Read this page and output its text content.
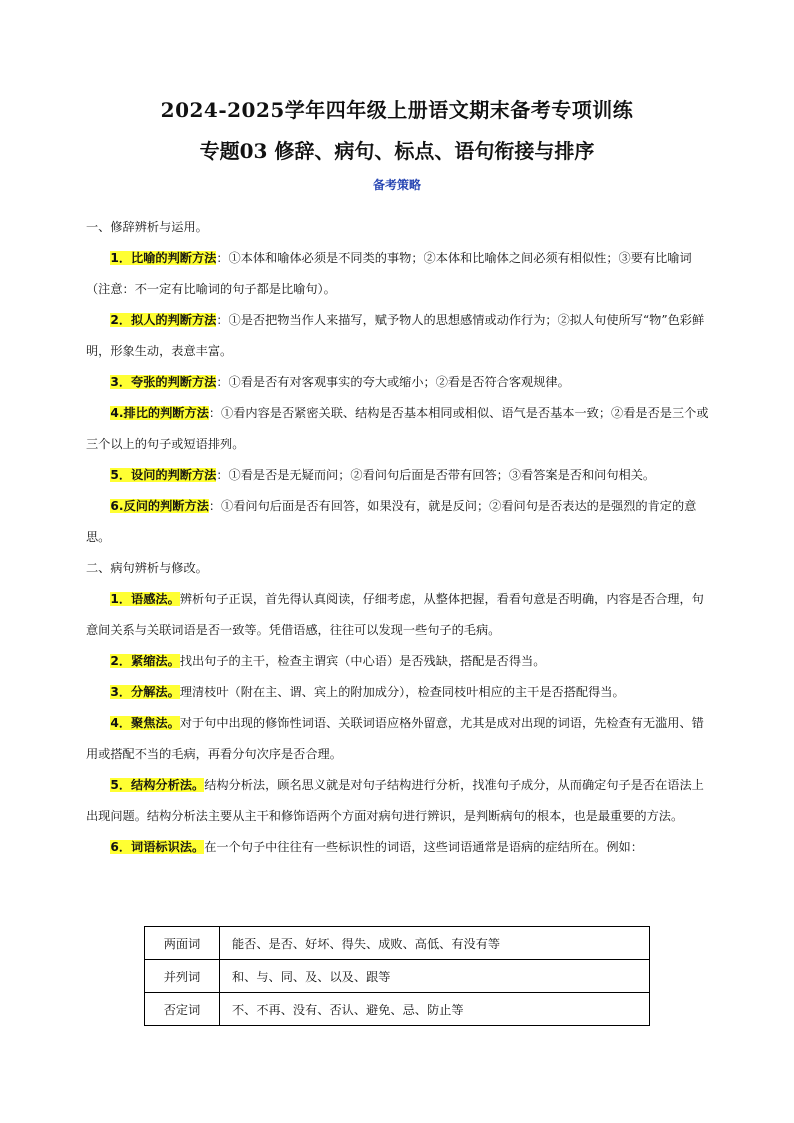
2024-2025学年四年级上册语文期末备考专项训练
专题03 修辞、病句、标点、语句衔接与排序
备考策略

一、修辞辨析与运用。

1．比喻的判断方法：①本体和喻体必须是不同类的事物；②本体和比喻体之间必须有相似性；③要有比喻词（注意：不一定有比喻词的句子都是比喻句）。

2．拟人的判断方法：①是否把物当作人来描写，赋予物人的思想感情或动作行为；②拟人句使所写“物”色彩鲜明，形象生动，表意丰富。

3．夸张的判断方法：①看是否有对客观事实的夸大或缩小；②看是否符合客观规律。

4.排比的判断方法：①看内容是否紧密关联、结构是否基本相同或相似、语气是否基本一致；②看是否是三个或三个以上的句子或短语排列。

5．设问的判断方法：①看是否是无疑而问；②看问句后面是否带有回答；③看答案是否和问句相关。

6.反问的判断方法：①看问句后面是否有回答，如果没有，就是反问；②看问句是否表达的是强烈的肯定的意思。

二、病句辨析与修改。

1．语感法。辨析句子正误，首先得认真阅读，仔细考虑，从整体把握，看看句意是否明确，内容是否合理，句意间关系与关联词语是否一致等。凭借语感，往往可以发现一些句子的毛病。

2．紧缩法。找出句子的主干，检查主谓宾（中心语）是否残缺，搭配是否得当。

3．分解法。理清枝叶（附在主、谓、宾上的附加成分），检查同枝叶相应的主干是否搭配得当。

4．聚焦法。对于句中出现的修饰性词语、关联词语应格外留意，尤其是成对出现的词语，先检查有无滥用、错用或搭配不当的毛病，再看分句次序是否合理。

5．结构分析法。结构分析法，顾名思义就是对句子结构进行分析，找准句子成分，从而确定句子是否在语法上出现问题。结构分析法主要从主干和修饰语两个方面对病句进行辨识，是判断病句的根本，也是最重要的方法。

6．词语标识法。在一个句子中往往有一些标识性的词语，这些词语通常是语病的症结所在。例如：

两面词	能否、是否、好坏、得失、成败、高低、有没有等
并列词	和、与、同、及、以及、跟等
否定词	不、不再、没有、否认、避免、忌、防止等
